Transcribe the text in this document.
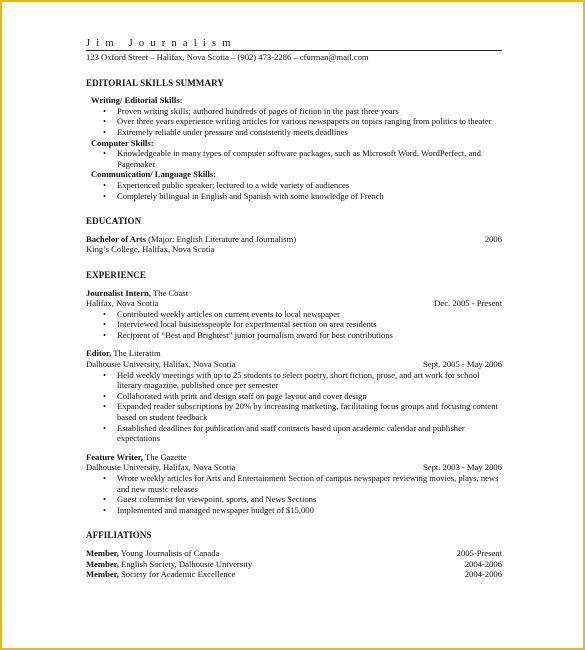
Jim Journalism
123 Oxford Street – Halifax, Nova Scotia – (902) 473-2286 – cfurman@mail.com
EDITORIAL SKILLS SUMMARY
Writing/ Editorial Skills:
• Proven writing skills; authored hundreds of pages of fiction in the past three years
• Over three years experience writing articles for various newspapers on topics ranging from politics to theater
• Extremely reliable under pressure and consistently meets deadlines
Computer Skills:
• Knowledgeable in many types of computer software packages, such as Microsoft Word, WordPerfect, and Pagemaker
Communication/ Language Skills:
• Experienced public speaker; lectured to a wide variety of audiences
• Completely bilingual in English and Spanish with some knowledge of French
EDUCATION
Bachelor of Arts (Major: English Literature and Journalism)	2006
King’s College, Halifax, Nova Scotia
EXPERIENCE
Journalist Intern, The Coast
Halifax, Nova Scotia	Dec. 2005 - Present
• Contributed weekly articles on current events to local newspaper
• Interviewed local businesspeople for experimental section on area residents
• Recipient of “Best and Brightest” junior journalism award for best contributions
Editor, The Literatim
Dalhousie University, Halifax, Nova Scotia	Sept. 2005 - May 2006
• Held weekly meetings with up to 25 students to select poetry, short fiction, prose, and art work for school literary magazine, published once per semester
• Collaborated with print and design staff on page layout and cover design
• Expanded reader subscriptions by 20% by increasing marketing, facilitating focus groups and focusing content based on student feedback
• Established deadlines for publication and staff contracts based upon academic calendar and publisher expectations
Feature Writer, The Gazette
Dalhousie University, Halifax, Nova Scotia	Sept. 2003 - May 2006
• Wrote weekly articles for Arts and Entertainment Section of campus newspaper reviewing movies, plays, news and new music releases
• Guest columnist for viewpoint, sports, and News Sections
• Implemented and managed newspaper budget of $15,000
AFFILIATIONS
Member, Young Journalists of Canada	2005-Present
Member, English Society, Dalhousie University	2004-2006
Member, Society for Academic Excellence	2004-2006
